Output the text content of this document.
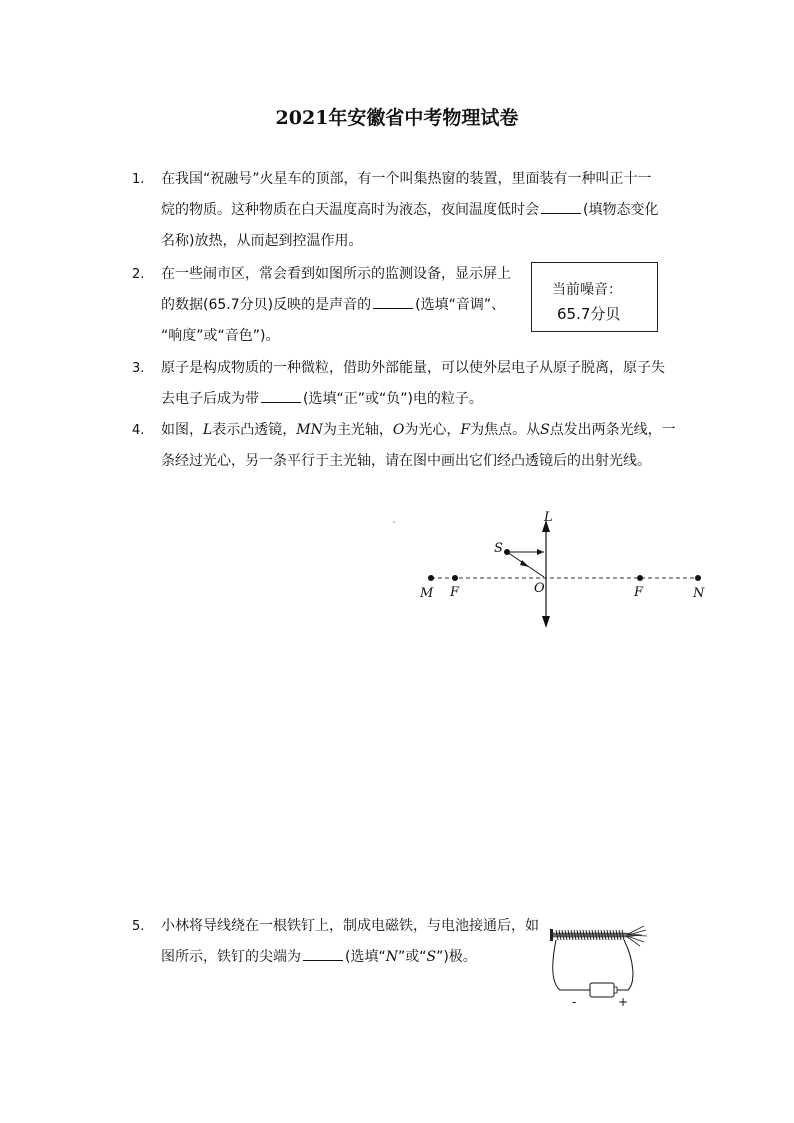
2021年安徽省中考物理试卷
1. 在我国“祝融号”火星车的顶部，有一个叫集热窗的装置，里面装有一种叫正十一
烷的物质。这种物质在白天温度高时为液态，夜间温度低时会	(填物态变化
名称)放热，从而起到控温作用。
2. 在一些闹市区，常会看到如图所示的监测设备，显示屏上
的数据(65.7分贝)反映的是声音的	(选填“音调”、
“响度”或“音色”)。
当前噪音：
65.7分贝
3. 原子是构成物质的一种微粒，借助外部能量，可以使外层电子从原子脱离，原子失
去电子后成为带	(选填“正”或“负”)电的粒子。
4. 如图，L表示凸透镜，MN为主光轴，O为光心，F为焦点。从S点发出两条光线，一
条经过光心，另一条平行于主光轴，请在图中画出它们经凸透镜后的出射光线。
L
S
O
M F	F	N
5. 小林将导线绕在一根铁钉上，制成电磁铁，与电池接通后，如
图所示，铁钉的尖端为	(选填“N”或“S”)极。
-	+
